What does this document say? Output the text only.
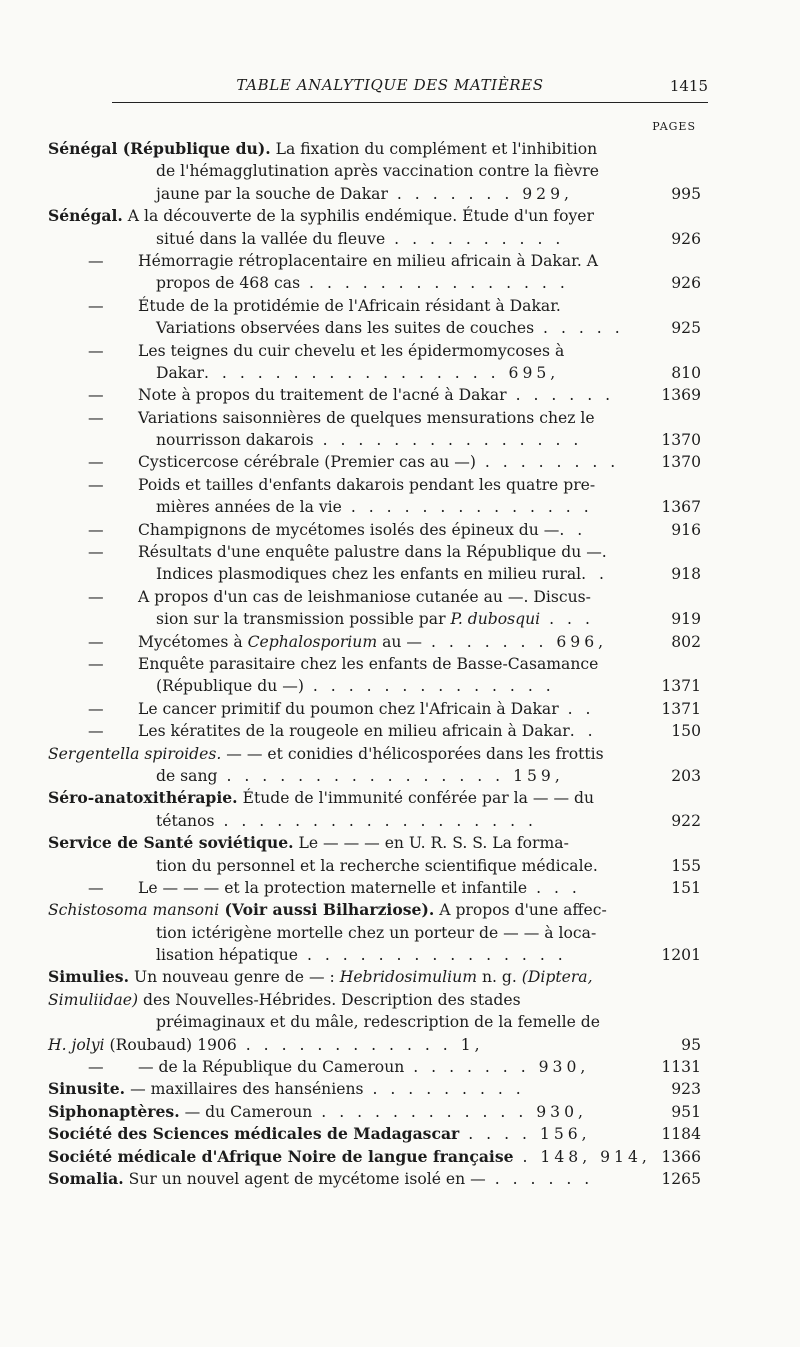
TABLE ANALYTIQUE DES MATIÈRES	1415
PAGES
Sénégal (République du). La fixation du complément et l'inhibition
de l'hémagglutination après vaccination contre la fièvre
jaune par la souche de Dakar . . . . . . . 929,	995
Sénégal. A la découverte de la syphilis endémique. Étude d'un foyer
situé dans la vallée du fleuve . . . . . . . . . .	926
— Hémorragie rétroplacentaire en milieu africain à Dakar. A
propos de 468 cas . . . . . . . . . . . . . . .	926
— Étude de la protidémie de l'Africain résidant à Dakar.
Variations observées dans les suites de couches . . . . .	925
— Les teignes du cuir chevelu et les épidermomycoses à
Dakar. . . . . . . . . . . . . . . . . 695,	810
— Note à propos du traitement de l'acné à Dakar . . . . . .	1369
— Variations saisonnières de quelques mensurations chez le
nourrisson dakarois . . . . . . . . . . . . . . .	1370
— Cysticercose cérébrale (Premier cas au —) . . . . . . . .	1370
— Poids et tailles d'enfants dakarois pendant les quatre pre-
mières années de la vie . . . . . . . . . . . . . .	1367
— Champignons de mycétomes isolés des épineux du —. .	916
— Résultats d'une enquête palustre dans la République du —.
Indices plasmodiques chez les enfants en milieu rural. .	918
— A propos d'un cas de leishmaniose cutanée au —. Discus-
sion sur la transmission possible par P. dubosqui . . .	919
— Mycétomes à Cephalosporium au — . . . . . . . 696,	802
— Enquête parasitaire chez les enfants de Basse-Casamance
(République du —) . . . . . . . . . . . . . .	1371
— Le cancer primitif du poumon chez l'Africain à Dakar . .	1371
— Les kératites de la rougeole en milieu africain à Dakar. .	150
Sergentella spiroides. — — et conidies d'hélicosporées dans les frottis
de sang . . . . . . . . . . . . . . . . 159,	203
Séro-anatoxithérapie. Étude de l'immunité conférée par la — — du
tétanos . . . . . . . . . . . . . . . . . .	922
Service de Santé soviétique. Le — — — en U. R. S. S. La forma-
tion du personnel et la recherche scientifique médicale.	155
— Le — — — et la protection maternelle et infantile . . .	151
Schistosoma mansoni (Voir aussi Bilharziose). A propos d'une affec-
tion ictérigène mortelle chez un porteur de — — à loca-
lisation hépatique . . . . . . . . . . . . . . .	1201
Simulies. Un nouveau genre de — : Hebridosimulium n. g. (Diptera,
Simuliidae) des Nouvelles-Hébrides. Description des stades
préimaginaux et du mâle, redescription de la femelle de
H. jolyi (Roubaud) 1906 . . . . . . . . . . . . 1,	95
— — de la République du Cameroun . . . . . . . 930,	1131
Sinusite. — maxillaires des hanséniens . . . . . . . . .	923
Siphonaptères. — du Cameroun . . . . . . . . . . . . 930,	951
Société des Sciences médicales de Madagascar . . . . 156,	1184
Société médicale d'Afrique Noire de langue française . 148, 914, 1366
Somalia. Sur un nouvel agent de mycétome isolé en — . . . . . .	1265
